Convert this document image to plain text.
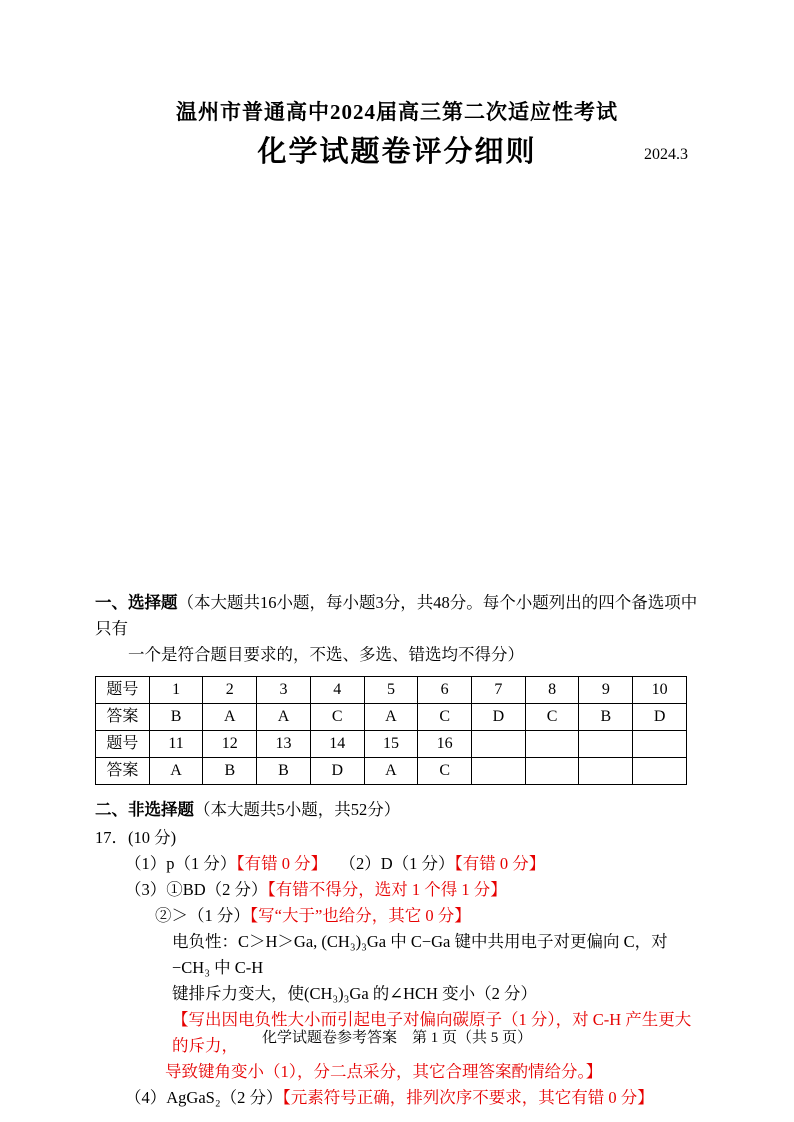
温州市普通高中2024届高三第二次适应性考试
化学试题卷评分细则	2024.3
一、选择题（本大题共16小题，每小题3分，共48分。每个小题列出的四个备选项中只有
一个是符合题目要求的，不选、多选、错选均不得分）
题号	1	2	3	4	5	6	7	8	9	10
答案	B	A	A	C	A	C	D	C	B	D
题号	11	12	13	14	15	16				
答案	A	B	B	D	A	C				
二、非选择题（本大题共5小题，共52分）
17．(10 分)
（1）p（1 分）【有错 0 分】　 （2）D（1 分）【有错 0 分】
（3）①BD（2 分）【有错不得分，选对 1 个得 1 分】
②＞（1 分）【写“大于”也给分，其它 0 分】
电负性：C＞H＞Ga, (CH₃)₃Ga 中 C−Ga 键中共用电子对更偏向 C，对−CH₃ 中 C-H
键排斥力变大，使(CH₃)₃Ga 的∠HCH 变小（2 分）
【写出因电负性大小而引起电子对偏向碳原子（1 分），对 C-H 产生更大的斥力，
导致键角变小（1），分二点采分，其它合理答案酌情给分。】
（4）AgGaS₂（2 分）【元素符号正确，排列次序不要求，其它有错 0 分】
化学试题卷参考答案　第 1 页（共 5 页）
